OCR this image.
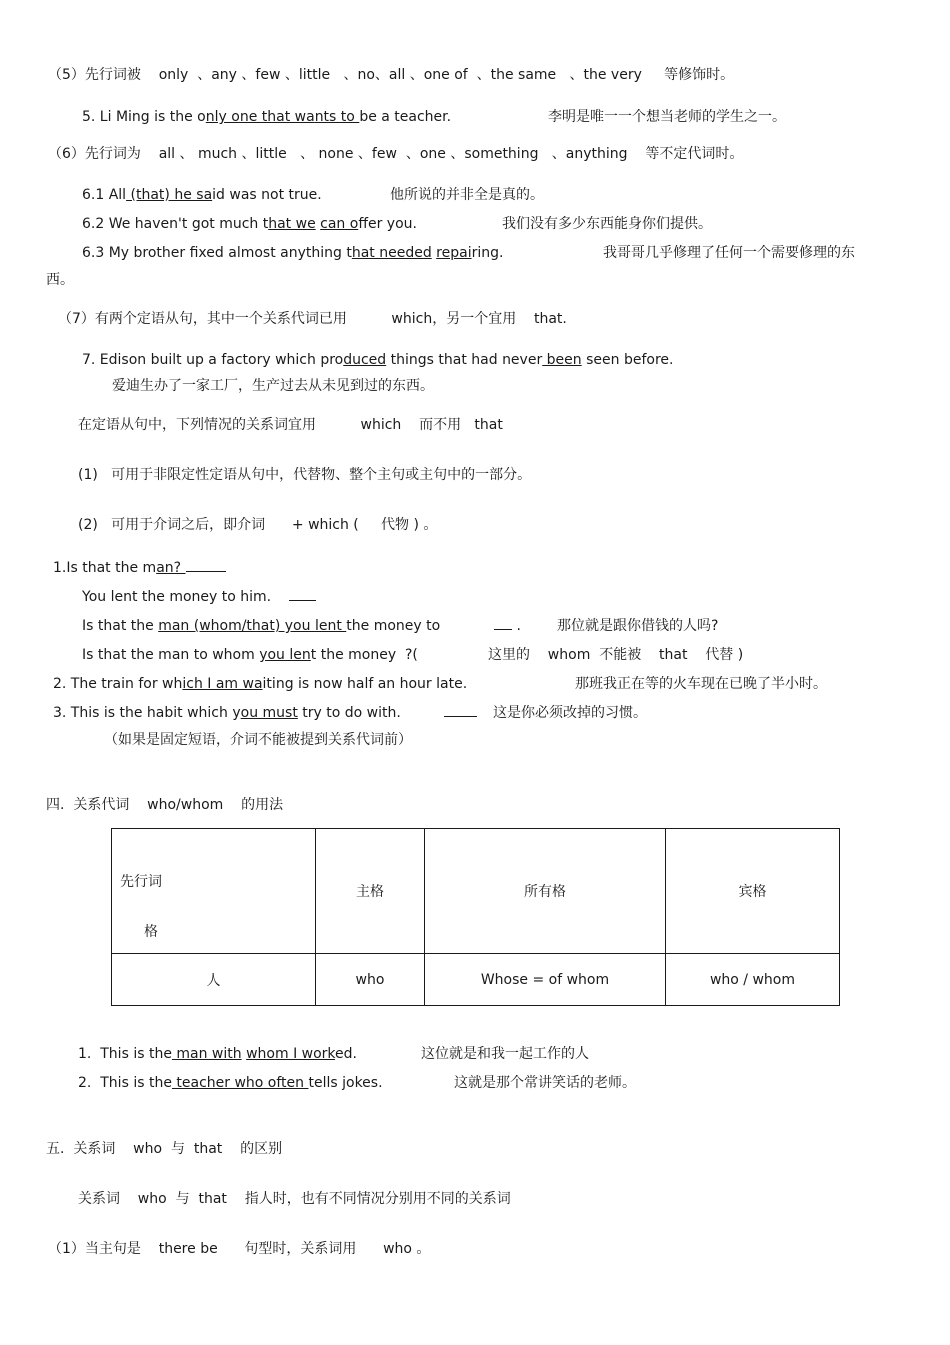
（5）先行词被    only  、any 、few 、little   、no、all 、one of  、the same   、the very     等修饰时。
5. Li Ming is the only one that wants to be a teacher.	李明是唯一一个想当老师的学生之一。
（6）先行词为    all 、 much 、little   、 none 、few  、one 、something   、anything    等不定代词时。
6.1 All (that) he said was not true.	他所说的并非全是真的。
6.2 We haven't got much that we can offer you.	我们没有多少东西能身你们提供。
6.3 My brother fixed almost anything that needed repairing.	我哥哥几乎修理了任何一个需要修理的东
西。
（7）有两个定语从句，其中一个关系代词已用          which，另一个宜用    that.
7. Edison built up a factory which produced things that had never been seen before.
爱迪生办了一家工厂，生产过去从未见到过的东西。
在定语从句中，下列情况的关系词宜用          which    而不用   that
(1)   可用于非限定性定语从句中，代替物、整个主句或主句中的一部分。
(2)   可用于介词之后，即介词      + which (     代物 ) 。
1.Is that the man?
You lent the money to him.
Is that the man (whom/that) you lent the money to	.	那位就是跟你借钱的人吗?
Is that the man to whom you lent the money  ?(	这里的    whom  不能被    that    代替 )
2. The train for which I am waiting is now half an hour late.	那班我正在等的火车现在已晚了半小时。
3. This is the habit which you must try to do with.	这是你必须改掉的习惯。
（如果是固定短语，介词不能被提到关系代词前）
四.  关系代词    who/whom    的用法
先行词
格	主格	所有格	宾格
人	who	Whose = of whom	who / whom
1.  This is the man with whom I worked.	这位就是和我一起工作的人
2.  This is the teacher who often tells jokes.	这就是那个常讲笑话的老师。
五.  关系词    who  与  that    的区别
关系词    who  与  that    指人时，也有不同情况分别用不同的关系词
（1）当主句是    there be      句型时，关系词用      who 。
